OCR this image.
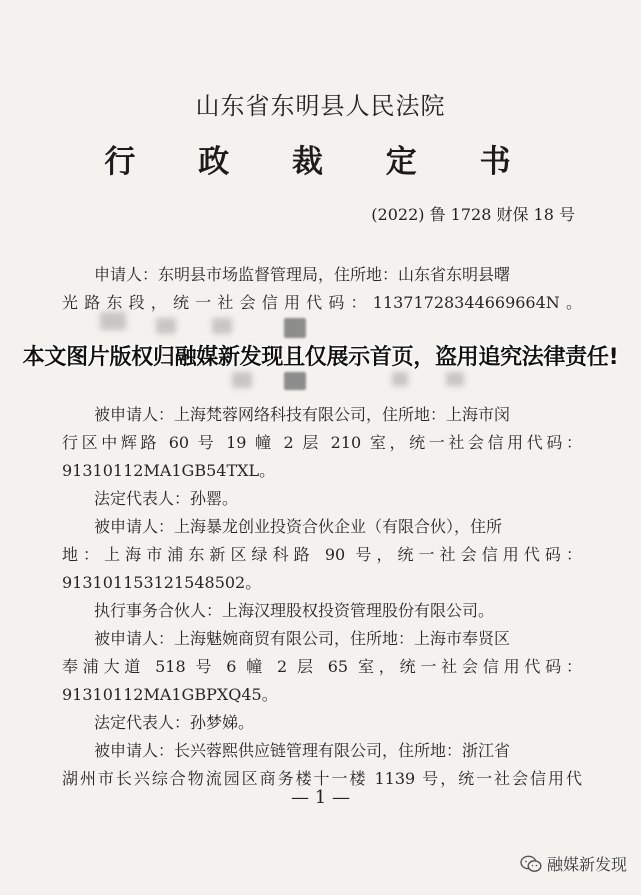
山东省东明县人民法院
行 政 裁 定 书
(2022) 鲁 1728 财保 18 号
申请人：东明县市场监督管理局，住所地：山东省东明县曙
光路东段，统一社会信用代码：11371728344669664N。
本文图片版权归融媒新发现且仅展示首页，盗用追究法律责任!
被申请人：上海梵蓉网络科技有限公司，住所地：上海市闵
行区中辉路 60 号 19 幢 2 层 210 室，统一社会信用代码：
91310112MA1GB54TXL。
法定代表人：孙罂。
被申请人：上海暴龙创业投资合伙企业（有限合伙），住所
地：上海市浦东新区绿科路 90 号，统一社会信用代码：
913101153121548502。
执行事务合伙人：上海汉理股权投资管理股份有限公司。
被申请人：上海魅婉商贸有限公司，住所地：上海市奉贤区
奉浦大道 518 号 6 幢 2 层 65 室，统一社会信用代码：
91310112MA1GBPXQ45。
法定代表人：孙梦娣。
被申请人：长兴蓉熙供应链管理有限公司，住所地：浙江省
湖州市长兴综合物流园区商务楼十一楼 1139 号，统一社会信用代
— 1 —
融媒新发现
